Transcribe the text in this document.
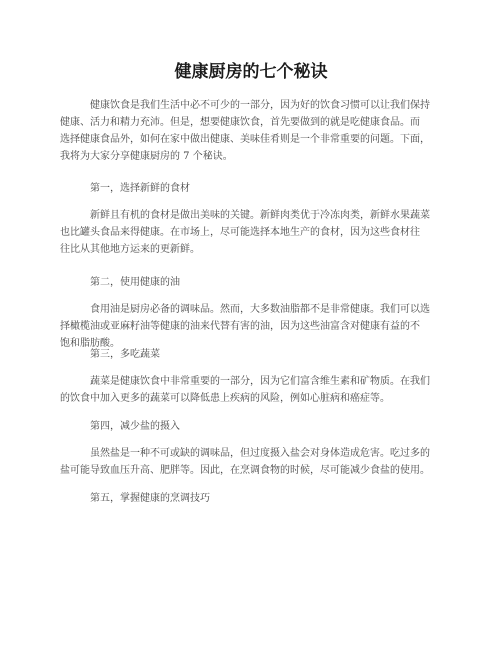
健康厨房的七个秘诀

健康饮食是我们生活中必不可少的一部分，因为好的饮食习惯可以让我们保持
健康、活力和精力充沛。但是，想要健康饮食，首先要做到的就是吃健康食品。而
选择健康食品外，如何在家中做出健康、美味佳肴则是一个非常重要的问题。下面，
我将为大家分享健康厨房的 7 个秘诀。

第一，选择新鲜的食材

新鲜且有机的食材是做出美味的关键。新鲜肉类优于冷冻肉类，新鲜水果蔬菜
也比罐头食品来得健康。在市场上，尽可能选择本地生产的食材，因为这些食材往
往比从其他地方运来的更新鲜。

第二，使用健康的油

食用油是厨房必备的调味品。然而，大多数油脂都不是非常健康。我们可以选
择橄榄油或亚麻籽油等健康的油来代替有害的油，因为这些油富含对健康有益的不
饱和脂肪酸。

第三，多吃蔬菜

蔬菜是健康饮食中非常重要的一部分，因为它们富含维生素和矿物质。在我们
的饮食中加入更多的蔬菜可以降低患上疾病的风险，例如心脏病和癌症等。

第四，减少盐的摄入

虽然盐是一种不可或缺的调味品，但过度摄入盐会对身体造成危害。吃过多的
盐可能导致血压升高、肥胖等。因此，在烹调食物的时候，尽可能减少食盐的使用。

第五，掌握健康的烹调技巧
